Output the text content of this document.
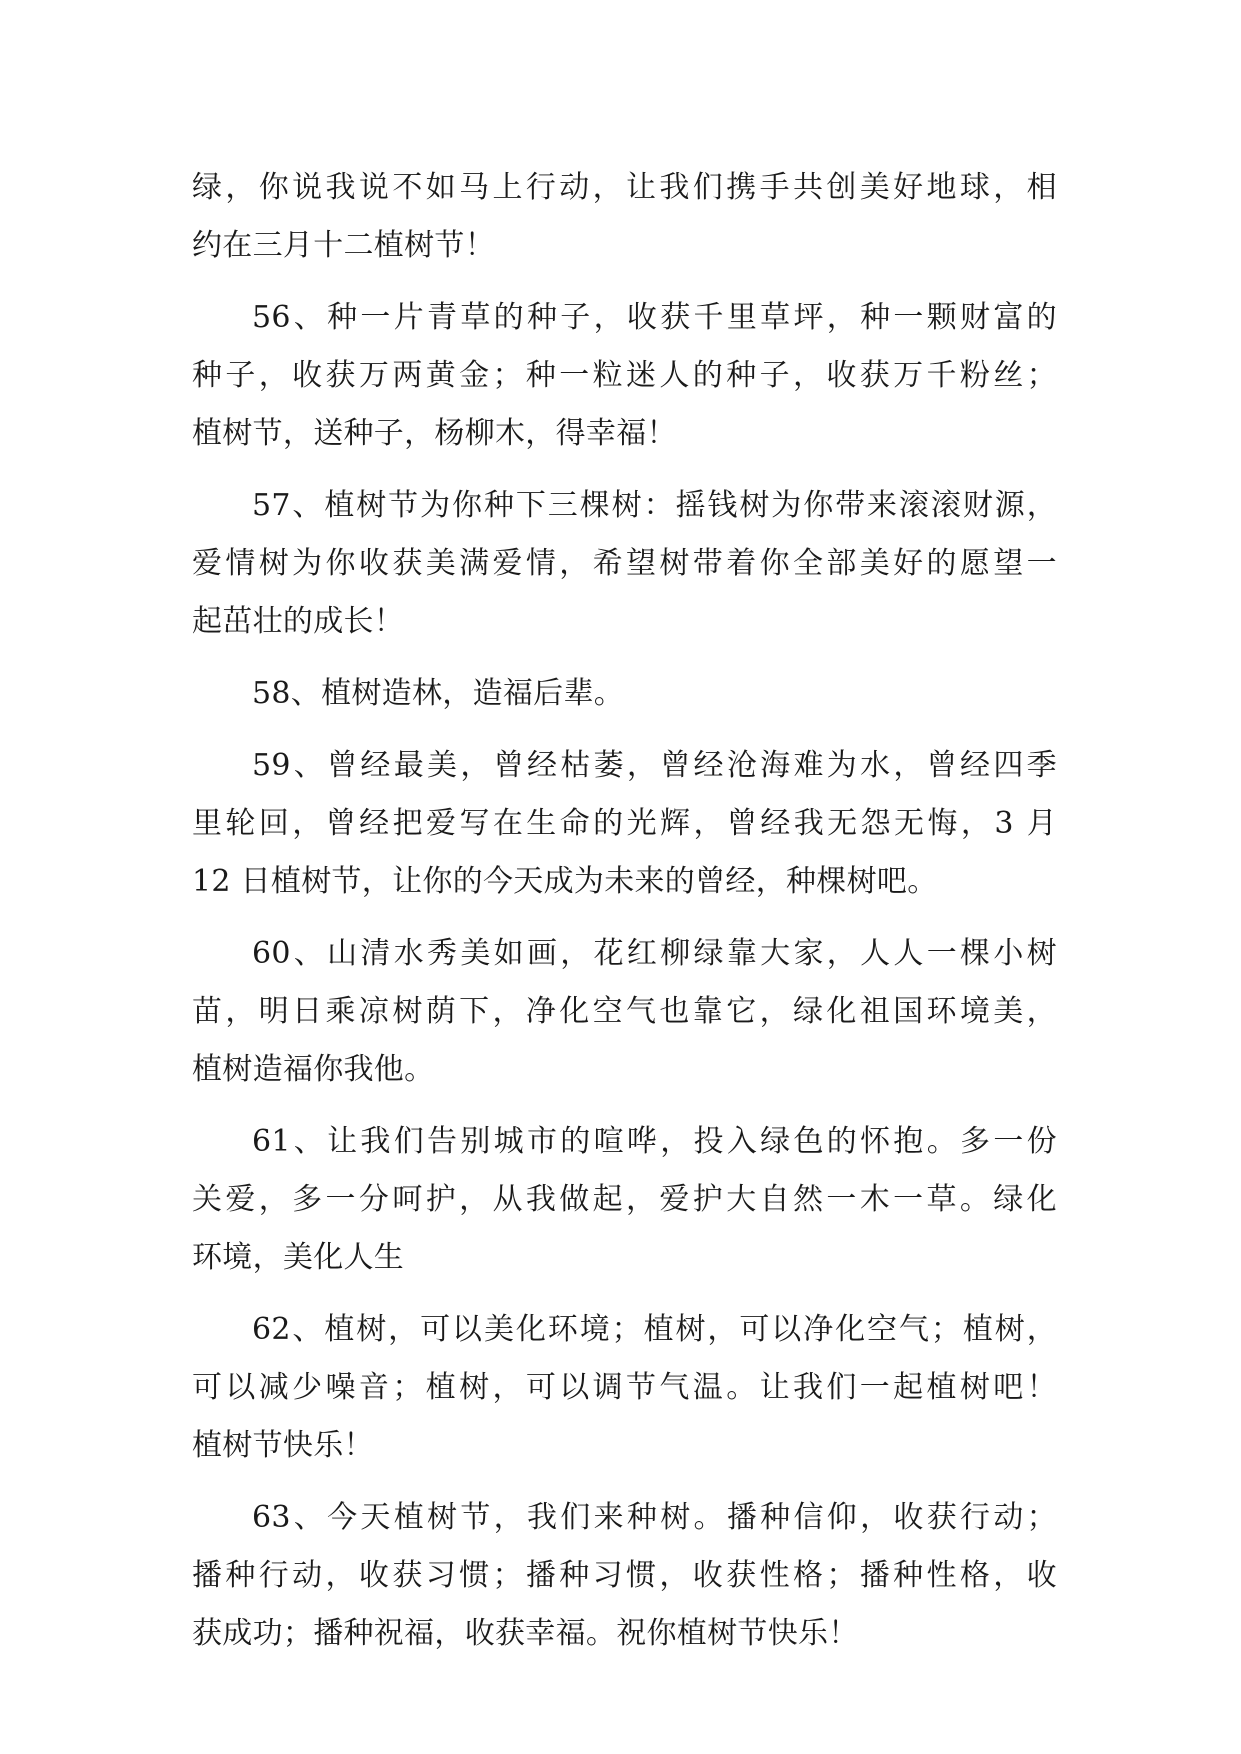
绿，你说我说不如马上行动，让我们携手共创美好地球，相
约在三月十二植树节！
56、种一片青草的种子，收获千里草坪，种一颗财富的
种子，收获万两黄金；种一粒迷人的种子，收获万千粉丝；
植树节，送种子，杨柳木，得幸福！
57、植树节为你种下三棵树：摇钱树为你带来滚滚财源，
爱情树为你收获美满爱情，希望树带着你全部美好的愿望一
起茁壮的成长！
58、植树造林，造福后辈。
59、曾经最美，曾经枯萎，曾经沧海难为水，曾经四季
里轮回，曾经把爱写在生命的光辉，曾经我无怨无悔，3 月
12 日植树节，让你的今天成为未来的曾经，种棵树吧。
60、山清水秀美如画，花红柳绿靠大家，人人一棵小树
苗，明日乘凉树荫下，净化空气也靠它，绿化祖国环境美，
植树造福你我他。
61、让我们告别城市的喧哗，投入绿色的怀抱。多一份
关爱，多一分呵护，从我做起，爱护大自然一木一草。绿化
环境，美化人生
62、植树，可以美化环境；植树，可以净化空气；植树，
可以减少噪音；植树，可以调节气温。让我们一起植树吧！
植树节快乐！
63、今天植树节，我们来种树。播种信仰，收获行动；
播种行动，收获习惯；播种习惯，收获性格；播种性格，收
获成功；播种祝福，收获幸福。祝你植树节快乐！
